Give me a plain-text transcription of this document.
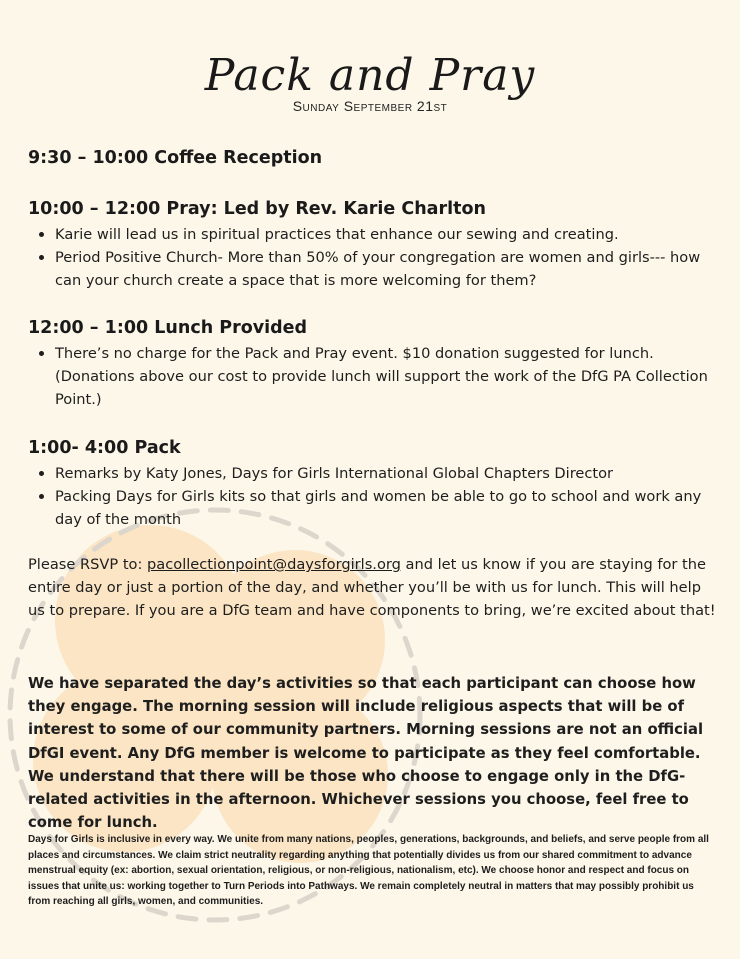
Pack and Pray

Sunday September 21st

9:30 – 10:00 Coffee Reception

10:00 – 12:00 Pray: Led by Rev. Karie Charlton

Karie will lead us in spiritual practices that enhance our sewing and creating.
Period Positive Church- More than 50% of your congregation are women and girls--- how can your church create a space that is more welcoming for them?

12:00 – 1:00 Lunch Provided

There’s no charge for the Pack and Pray event. $10 donation suggested for lunch. (Donations above our cost to provide lunch will support the work of the DfG PA Collection Point.)

1:00- 4:00 Pack

Remarks by Katy Jones, Days for Girls International Global Chapters Director
Packing Days for Girls kits so that girls and women be able to go to school and work any day of the month

Please RSVP to: pacollectionpoint@daysforgirls.org and let us know if you are staying for the entire day or just a portion of the day, and whether you’ll be with us for lunch. This will help us to prepare. If you are a DfG team and have components to bring, we’re excited about that!

We have separated the day’s activities so that each participant can choose how they engage. The morning session will include religious aspects that will be of interest to some of our community partners. Morning sessions are not an official DfGI event. Any DfG member is welcome to participate as they feel comfortable. We understand that there will be those who choose to engage only in the DfG-related activities in the afternoon. Whichever sessions you choose, feel free to come for lunch.

Days for Girls is inclusive in every way. We unite from many nations, peoples, generations, backgrounds, and beliefs, and serve people from all places and circumstances. We claim strict neutrality regarding anything that potentially divides us from our shared commitment to advance menstrual equity (ex: abortion, sexual orientation, religious, or non-religious, nationalism, etc). We choose honor and respect and focus on issues that unite us: working together to Turn Periods into Pathways. We remain completely neutral in matters that may possibly prohibit us from reaching all girls, women, and communities.
